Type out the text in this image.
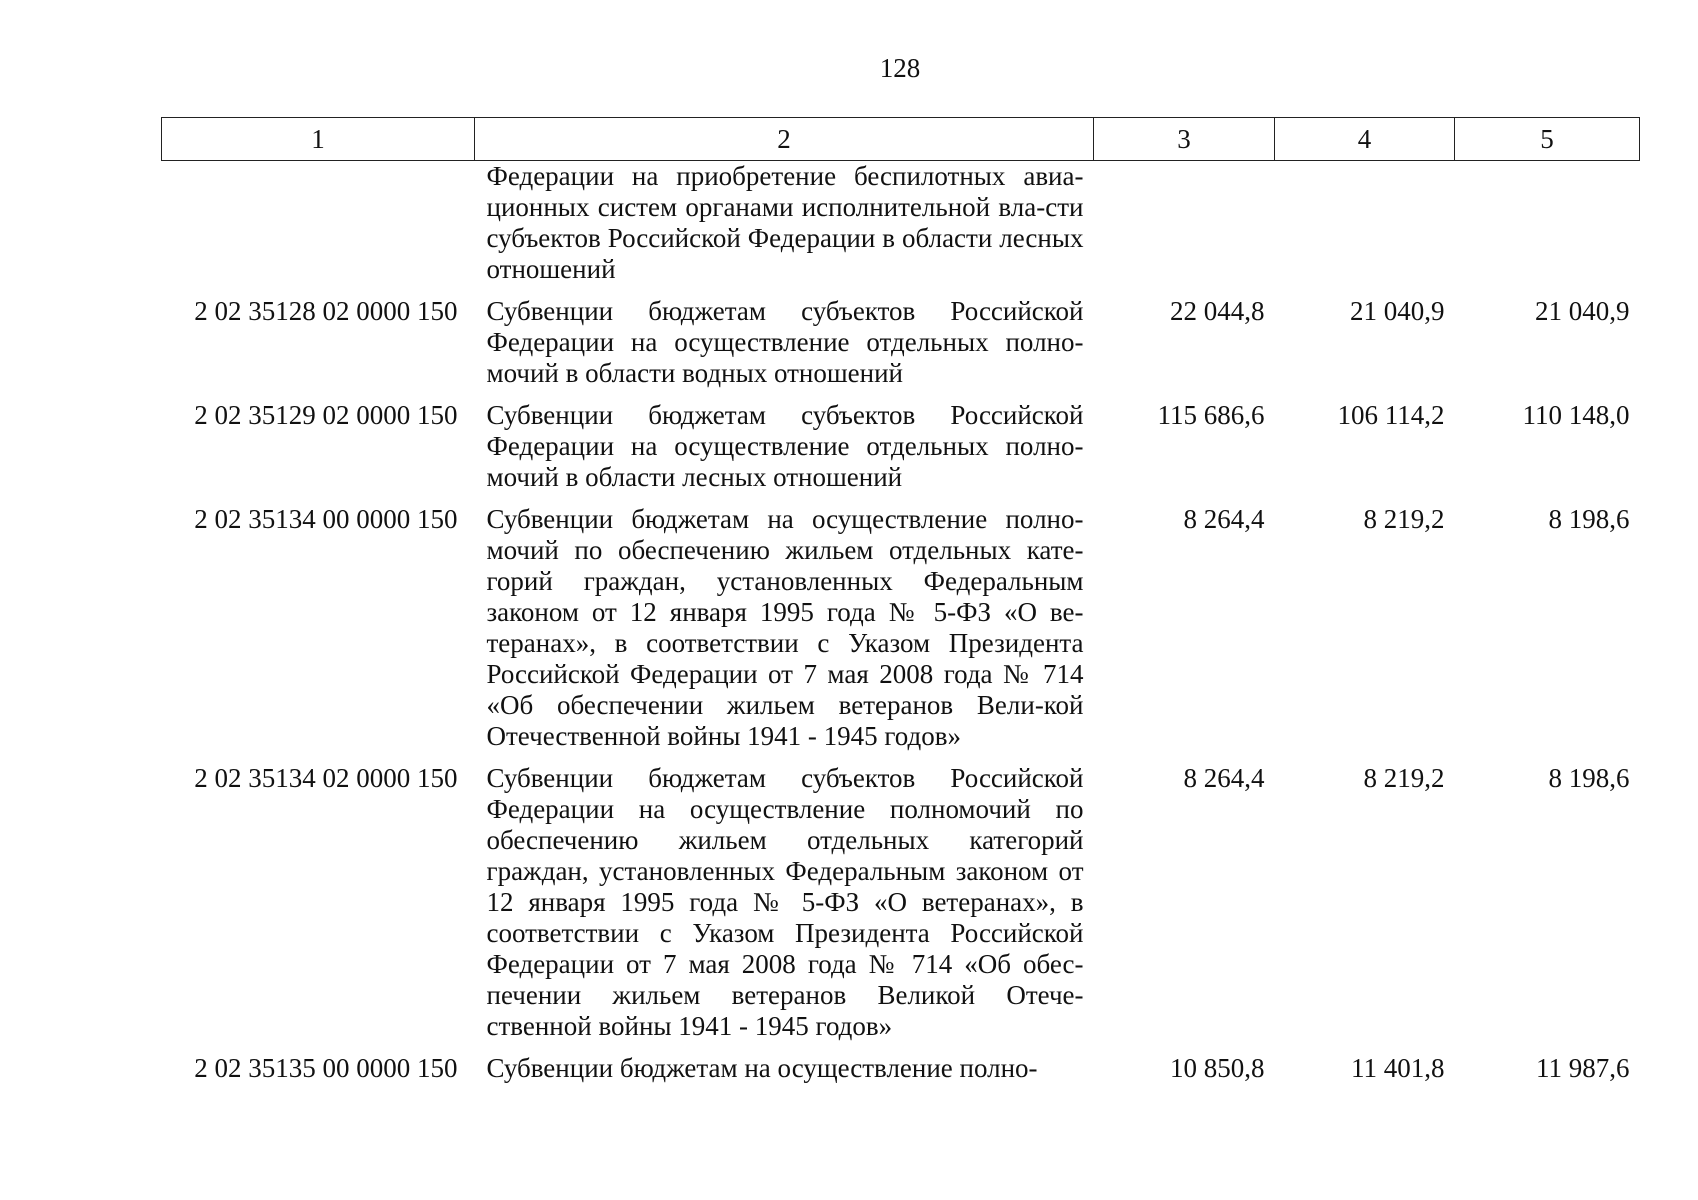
128
1	2	3	4	5
	Федерации на приобретение беспилотных авиа-ционных систем органами исполнительной вла-сти субъектов Российской Федерации в области лесных отношений			
2 02 35128 02 0000 150	Субвенции бюджетам субъектов Российской Федерации на осуществление отдельных полно-мочий в области водных отношений	22 044,8	21 040,9	21 040,9
2 02 35129 02 0000 150	Субвенции бюджетам субъектов Российской Федерации на осуществление отдельных полно-мочий в области лесных отношений	115 686,6	106 114,2	110 148,0
2 02 35134 00 0000 150	Субвенции бюджетам на осуществление полно-мочий по обеспечению жильем отдельных кате-горий граждан, установленных Федеральным законом от 12 января 1995 года № 5-ФЗ «О ве-теранах», в соответствии с Указом Президента Российской Федерации от 7 мая 2008 года № 714 «Об обеспечении жильем ветеранов Вели-кой Отечественной войны 1941 - 1945 годов»	8 264,4	8 219,2	8 198,6
2 02 35134 02 0000 150	Субвенции бюджетам субъектов Российской Федерации на осуществление полномочий по обеспечению жильем отдельных категорий граждан, установленных Федеральным законом от 12 января 1995 года № 5-ФЗ «О ветеранах», в соответствии с Указом Президента Российской Федерации от 7 мая 2008 года № 714 «Об обес-печении жильем ветеранов Великой Отече-ственной войны 1941 - 1945 годов»	8 264,4	8 219,2	8 198,6
2 02 35135 00 0000 150	Субвенции бюджетам на осуществление полно-	10 850,8	11 401,8	11 987,6
